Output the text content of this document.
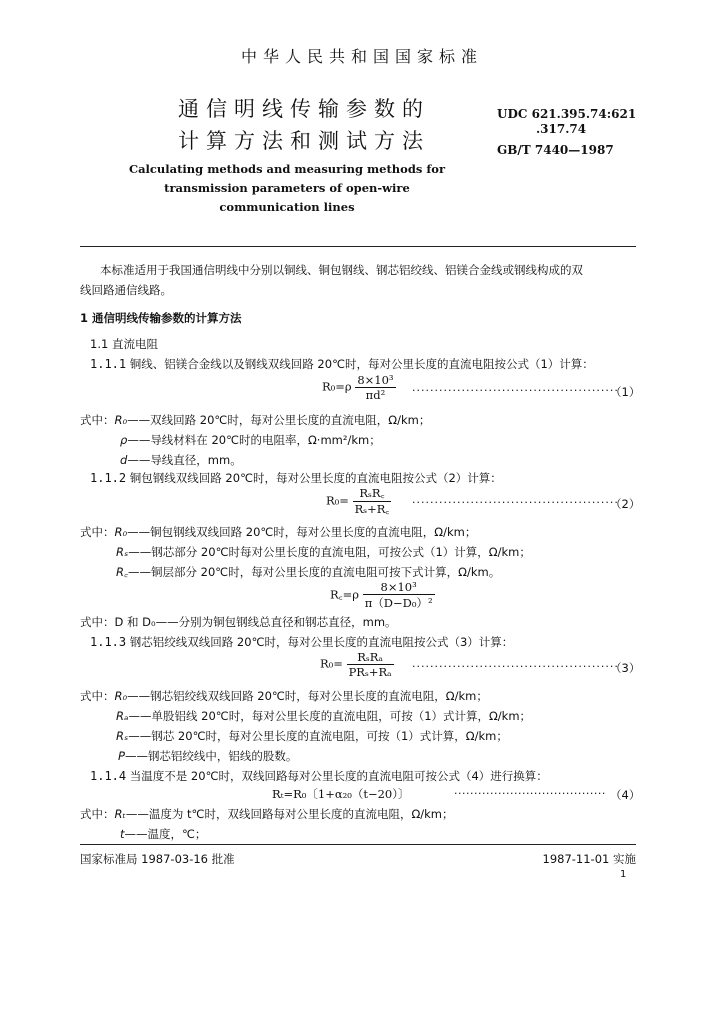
中华人民共和国国家标准
通信明线传输参数的
计算方法和测试方法
Calculating methods and measuring methods for
transmission parameters of open-wire
communication lines
UDC 621.395.74:621
.317.74
GB/T 7440—1987
本标准适用于我国通信明线中分别以铜线、铜包钢线、钢芯铝绞线、铝镁合金线或钢线构成的双
线回路通信线路。
1 通信明线传输参数的计算方法
1.1 直流电阻
1.1.1 铜线、铝镁合金线以及钢线双线回路 20℃时，每对公里长度的直流电阻按公式（1）计算：
$R_0=\rho \frac{\text{8×10³}}{\text{πd²}}$ ··············································
（1）
式中：R₀——双线回路 20℃时，每对公里长度的直流电阻，Ω/km；
ρ——导线材料在 20℃时的电阻率，Ω·mm²/km；
d——导线直径，mm。
1.1.2 铜包钢线双线回路 20℃时，每对公里长度的直流电阻按公式（2）计算：
$R_0= \frac{\text{RₛR꜀}}{\text{Rₛ+R꜀}}$ ··············································
（2）
式中：R₀——铜包钢线双线回路 20℃时，每对公里长度的直流电阻，Ω/km；
Rₛ——钢芯部分 20℃时每对公里长度的直流电阻，可按公式（1）计算，Ω/km；
R꜀——铜层部分 20℃时，每对公里长度的直流电阻可按下式计算，Ω/km。
R꜀=ρ $\frac{\text{8×10³}}{\text{π（D−D₀）²}}$
式中：D 和 D₀——分别为铜包钢线总直径和钢芯直径，mm。
1.1.3 钢芯铝绞线双线回路 20℃时，每对公里长度的直流电阻按公式（3）计算：
$R_0= \frac{\text{RₛRₐ}}{\text{PRₛ+Rₐ}}$ ··············································
（3）
式中：R₀——钢芯铝绞线双线回路 20℃时，每对公里长度的直流电阻，Ω/km；
Rₐ——单股铝线 20℃时，每对公里长度的直流电阻，可按（1）式计算，Ω/km；
Rₛ——钢芯 20℃时，每对公里长度的直流电阻，可按（1）式计算，Ω/km；
P——钢芯铝绞线中，铝线的股数。
1.1.4 当温度不是 20℃时，双线回路每对公里长度的直流电阻可按公式（4）进行换算：
Rₜ=R₀〔1+α₂₀（t−20）〕	······································ （4）
式中：Rₜ——温度为 t℃时，双线回路每对公里长度的直流电阻，Ω/km；
t——温度，℃；
国家标准局 1987-03-16 批准	1987-11-01 实施
1
